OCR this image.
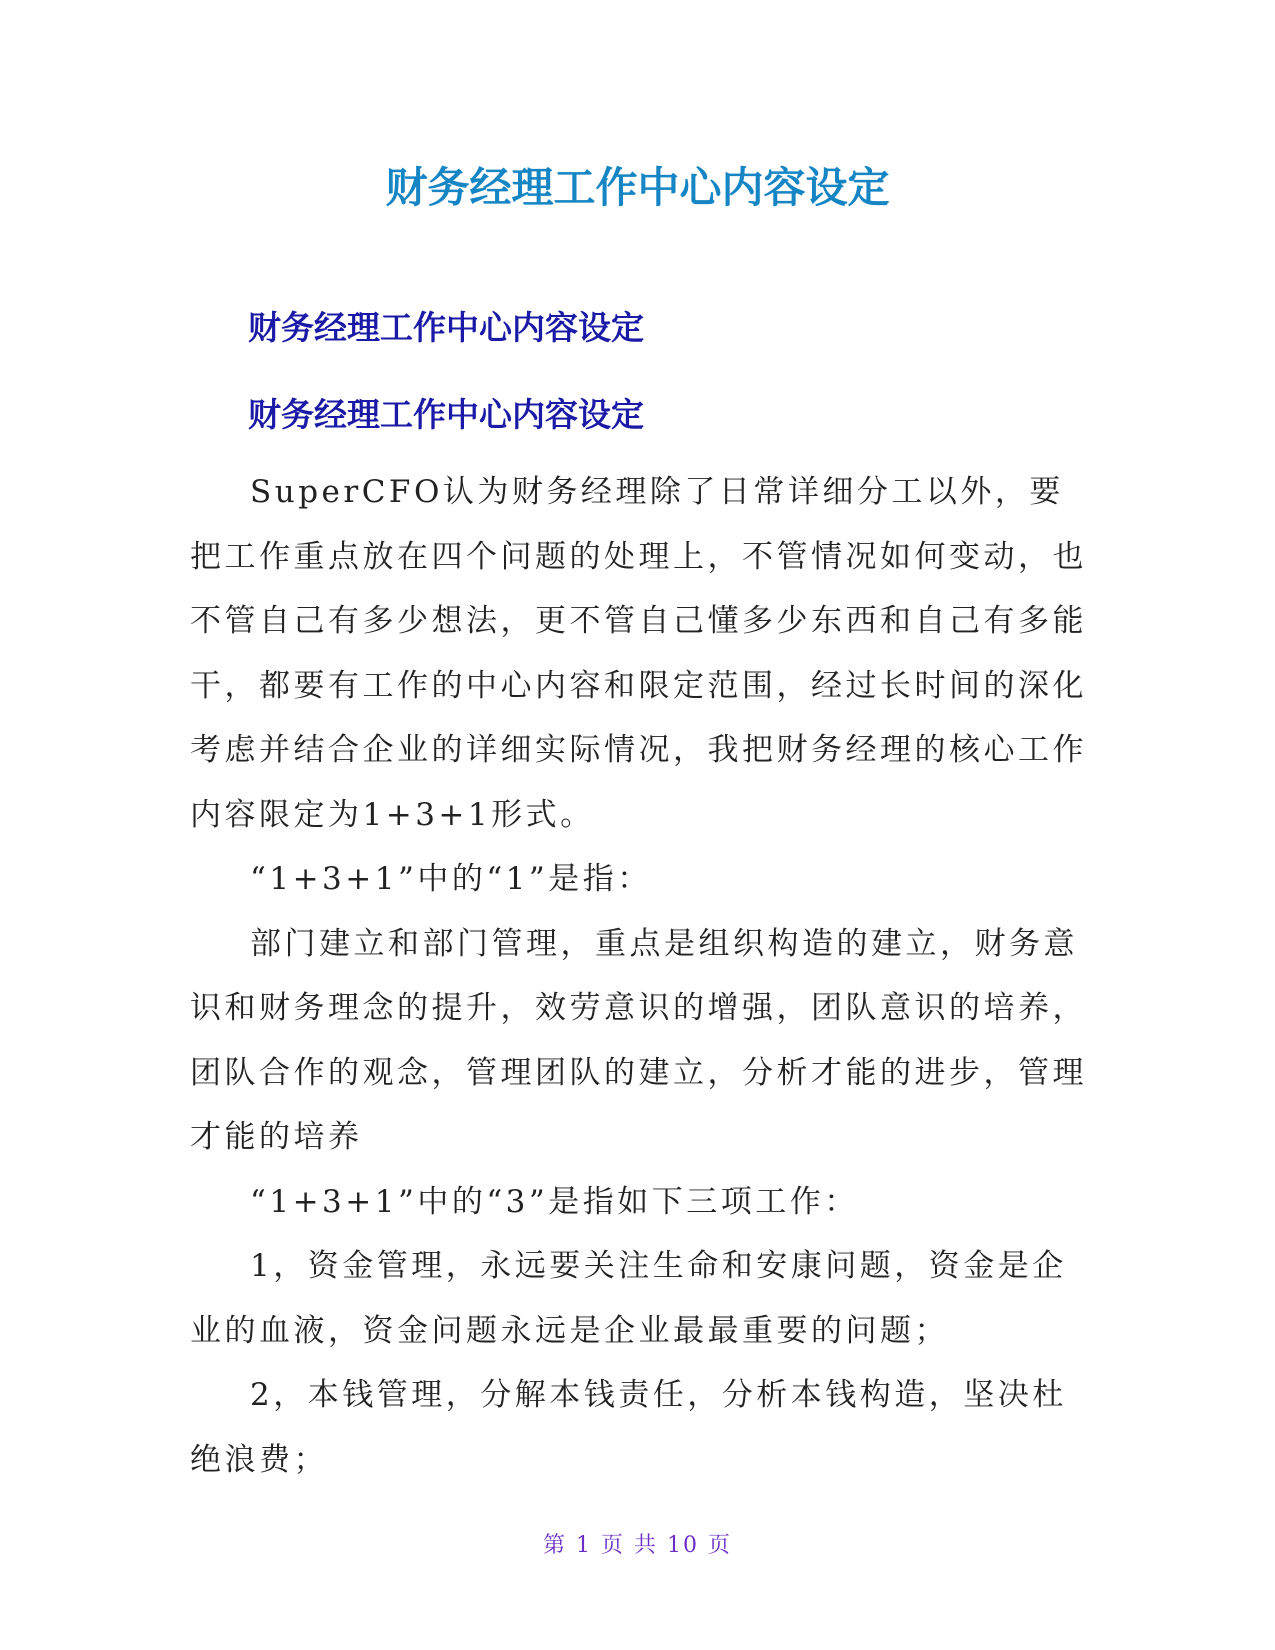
财务经理工作中心内容设定
财务经理工作中心内容设定
财务经理工作中心内容设定

SuperCFO认为财务经理除了日常详细分工以外，要把工作重点放在四个问题的处理上，不管情况如何变动，也不管自己有多少想法，更不管自己懂多少东西和自己有多能干，都要有工作的中心内容和限定范围，经过长时间的深化考虑并结合企业的详细实际情况，我把财务经理的核心工作内容限定为1+3+1形式。

“1+3+1”中的“1”是指：

部门建立和部门管理，重点是组织构造的建立，财务意识和财务理念的提升，效劳意识的增强，团队意识的培养，团队合作的观念，管理团队的建立，分析才能的进步，管理才能的培养

“1+3+1”中的“3”是指如下三项工作：

1，资金管理，永远要关注生命和安康问题，资金是企业的血液，资金问题永远是企业最最重要的问题；

2，本钱管理，分解本钱责任，分析本钱构造，坚决杜绝浪费；

第 1 页 共 10 页
